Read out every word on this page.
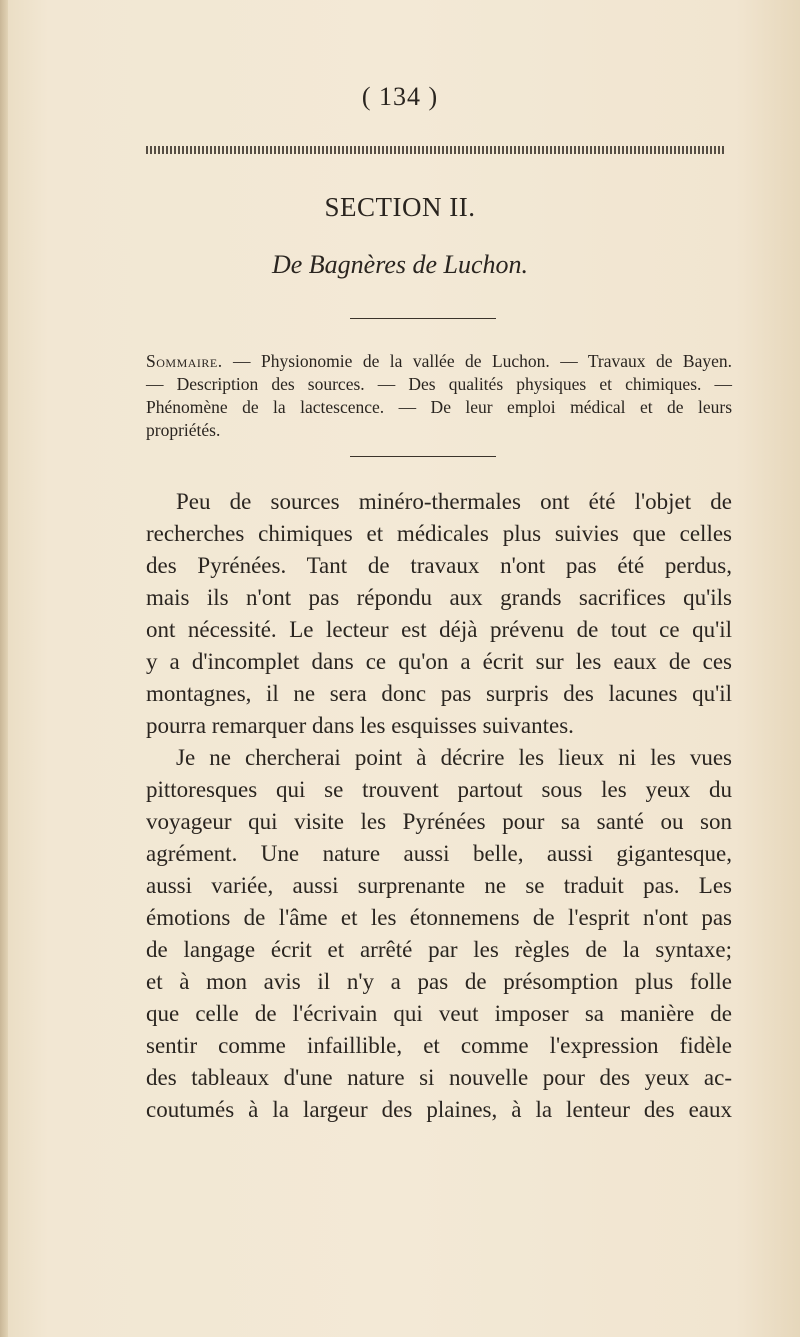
( 134 )
SECTION II.
De Bagnères de Luchon.
Sommaire. — Physionomie de la vallée de Luchon. — Travaux de Bayen.
— Description des sources. — Des qualités physiques et chimiques. —
Phénomène de la lactescence. — De leur emploi médical et de leurs
propriétés.
Peu de sources minéro-thermales ont été l'objet de
recherches chimiques et médicales plus suivies que celles
des Pyrénées. Tant de travaux n'ont pas été perdus,
mais ils n'ont pas répondu aux grands sacrifices qu'ils
ont nécessité. Le lecteur est déjà prévenu de tout ce qu'il
y a d'incomplet dans ce qu'on a écrit sur les eaux de ces
montagnes, il ne sera donc pas surpris des lacunes qu'il
pourra remarquer dans les esquisses suivantes.
Je ne chercherai point à décrire les lieux ni les vues
pittoresques qui se trouvent partout sous les yeux du
voyageur qui visite les Pyrénées pour sa santé ou son
agrément. Une nature aussi belle, aussi gigantesque,
aussi variée, aussi surprenante ne se traduit pas. Les
émotions de l'âme et les étonnemens de l'esprit n'ont pas
de langage écrit et arrêté par les règles de la syntaxe;
et à mon avis il n'y a pas de présomption plus folle
que celle de l'écrivain qui veut imposer sa manière de
sentir comme infaillible, et comme l'expression fidèle
des tableaux d'une nature si nouvelle pour des yeux ac-
coutumés à la largeur des plaines, à la lenteur des eaux
